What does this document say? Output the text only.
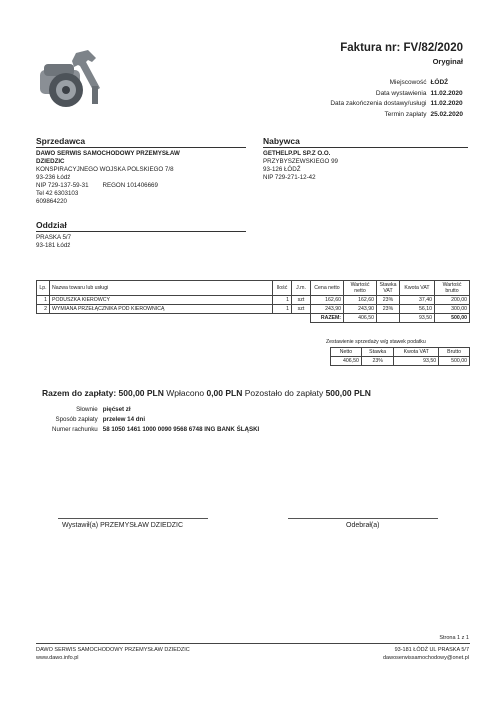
Faktura nr: FV/82/2020
Oryginał
Miejscowość	ŁÓDŹ
Data wystawienia	11.02.2020
Data zakończenia dostawy/usługi	11.02.2020
Termin zapłaty	25.02.2020
Sprzedawca
DAWO SERWIS SAMOCHODOWY PRZEMYSŁAW
DZIEDZIC
KONSPIRACYJNEGO WOJSKA POLSKIEGO 7/8
93-236 Łódź
NIP 729-137-59-31 REGON 101406669
Tel 42 6303103
609864220
Oddział
PRASKA 5/7
93-181 Łódź
Nabywca
GETHELP.PL SP.Z O.O.
PRZYBYSZEWSKIEGO 99
93-126 ŁÓDŹ
NIP 729-271-12-42
Lp.	Nazwa towaru lub usługi	Ilość	J.m.	Cena netto	Wartość netto	Stawka VAT	Kwota VAT	Wartość brutto
1	PODUSZKA KIEROWCY	1	szt	162,60	162,60	23%	37,40	200,00
2	WYMIANA PRZEŁĄCZNIKA POD KIEROWNICĄ	1	szt	243,90	243,90	23%	56,10	300,00
				RAZEM:	406,50		93,50	500,00
Zestawienie sprzedaży w/g stawek podatku
Netto	Stawka	Kwota VAT	Brutto
406,50	23%	93,50	500,00
Razem do zapłaty: 500,00 PLN Wpłacono 0,00 PLN Pozostało do zapłaty 500,00 PLN
Słownie	pięćset zł
Sposób zapłaty	przelew 14 dni
Numer rachunku	58 1050 1461 1000 0090 9568 6748 ING BANK ŚLĄSKI
Wystawił(a) PRZEMYSŁAW DZIEDZIC	Odebrał(a)
Strona 1 z 1
DAWO SERWIS SAMOCHODOWY PRZEMYSŁAW DZIEDZIC
www.dawo.info.pl
93-181 ŁÓDŹ UL PRASKA 5/7
dawoserwissamochodowy@onet.pl
